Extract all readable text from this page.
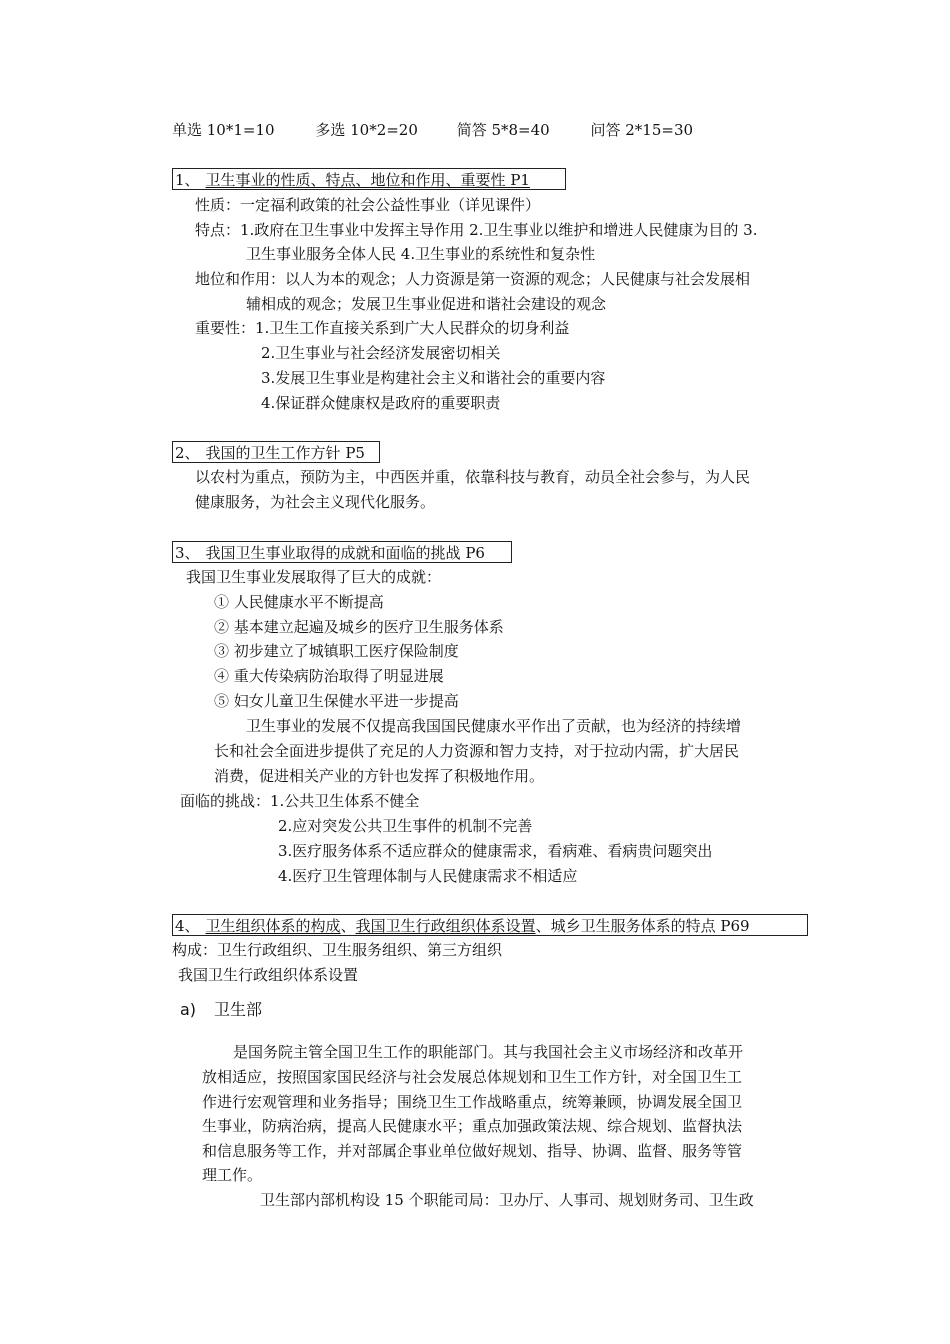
单选 10*1=10	多选 10*2=20	简答 5*8=40	问答 2*15=30
1、 卫生事业的性质、特点、地位和作用、重要性 P1
性质：一定福利政策的社会公益性事业（详见课件）
特点：1.政府在卫生事业中发挥主导作用 2.卫生事业以维护和增进人民健康为目的 3.
卫生事业服务全体人民 4.卫生事业的系统性和复杂性
地位和作用：以人为本的观念；人力资源是第一资源的观念；人民健康与社会发展相
辅相成的观念；发展卫生事业促进和谐社会建设的观念
重要性：1.卫生工作直接关系到广大人民群众的切身利益
2.卫生事业与社会经济发展密切相关
3.发展卫生事业是构建社会主义和谐社会的重要内容
4.保证群众健康权是政府的重要职责
2、 我国的卫生工作方针 P5
以农村为重点，预防为主，中西医并重，依靠科技与教育，动员全社会参与，为人民
健康服务，为社会主义现代化服务。
3、 我国卫生事业取得的成就和面临的挑战 P6
我国卫生事业发展取得了巨大的成就：
① 人民健康水平不断提高
② 基本建立起遍及城乡的医疗卫生服务体系
③ 初步建立了城镇职工医疗保险制度
④ 重大传染病防治取得了明显进展
⑤ 妇女儿童卫生保健水平进一步提高
卫生事业的发展不仅提高我国国民健康水平作出了贡献，也为经济的持续增
长和社会全面进步提供了充足的人力资源和智力支持，对于拉动内需，扩大居民
消费，促进相关产业的方针也发挥了积极地作用。
面临的挑战：1.公共卫生体系不健全
2.应对突发公共卫生事件的机制不完善
3.医疗服务体系不适应群众的健康需求，看病难、看病贵问题突出
4.医疗卫生管理体制与人民健康需求不相适应
4、 卫生组织体系的构成、我国卫生行政组织体系设置、城乡卫生服务体系的特点 P69
构成：卫生行政组织、卫生服务组织、第三方组织
我国卫生行政组织体系设置
a) 卫生部
是国务院主管全国卫生工作的职能部门。其与我国社会主义市场经济和改革开
放相适应，按照国家国民经济与社会发展总体规划和卫生工作方针，对全国卫生工
作进行宏观管理和业务指导；围绕卫生工作战略重点，统筹兼顾，协调发展全国卫
生事业，防病治病，提高人民健康水平；重点加强政策法规、综合规划、监督执法
和信息服务等工作，并对部属企事业单位做好规划、指导、协调、监督、服务等管
理工作。
卫生部内部机构设 15 个职能司局：卫办厅、人事司、规划财务司、卫生政
